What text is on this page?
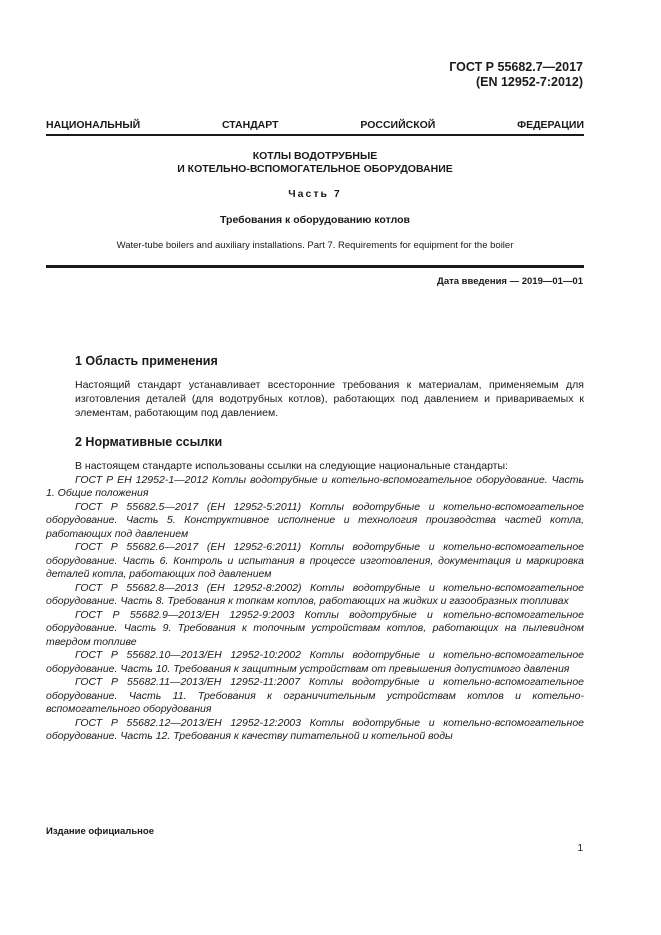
ГОСТ Р 55682.7—2017
(EN 12952-7:2012)
НАЦИОНАЛЬНЫЙ	СТАНДАРТ	РОССИЙСКОЙ	ФЕДЕРАЦИИ
КОТЛЫ ВОДОТРУБНЫЕ
И КОТЕЛЬНО-ВСПОМОГАТЕЛЬНОЕ ОБОРУДОВАНИЕ
Часть 7
Требования к оборудованию котлов
Water-tube boilers and auxiliary installations. Part 7. Requirements for equipment for the boiler
Дата введения — 2019—01—01
1 Область применения
Настоящий стандарт устанавливает всесторонние требования к материалам, применяемым для изготовления деталей (для водотрубных котлов), работающих под давлением и привариваемых к элементам, работающим под давлением.
2 Нормативные ссылки
В настоящем стандарте использованы ссылки на следующие национальные стандарты:
ГОСТ Р ЕН 12952-1—2012 Котлы водотрубные и котельно-вспомогательное оборудование. Часть 1. Общие положения
ГОСТ Р 55682.5—2017 (ЕН 12952-5:2011) Котлы водотрубные и котельно-вспомогательное оборудование. Часть 5. Конструктивное исполнение и технология производства частей котла, работающих под давлением
ГОСТ Р 55682.6—2017 (ЕН 12952-6:2011) Котлы водотрубные и котельно-вспомогательное оборудование. Часть 6. Контроль и испытания в процессе изготовления, документация и маркировка деталей котла, работающих под давлением
ГОСТ Р 55682.8—2013 (ЕН 12952-8:2002) Котлы водотрубные и котельно-вспомогательное оборудование. Часть 8. Требования к топкам котлов, работающих на жидких и газообразных топливах
ГОСТ Р 55682.9—2013/ЕН 12952-9:2003 Котлы водотрубные и котельно-вспомогательное оборудование. Часть 9. Требования к топочным устройствам котлов, работающих на пылевидном твердом топливе
ГОСТ Р 55682.10—2013/ЕН 12952-10:2002 Котлы водотрубные и котельно-вспомогательное оборудование. Часть 10. Требования к защитным устройствам от превышения допустимого давления
ГОСТ Р 55682.11—2013/ЕН 12952-11:2007 Котлы водотрубные и котельно-вспомогательное оборудование. Часть 11. Требования к ограничительным устройствам котлов и котельно-вспомогательного оборудования
ГОСТ Р 55682.12—2013/ЕН 12952-12:2003 Котлы водотрубные и котельно-вспомогательное оборудование. Часть 12. Требования к качеству питательной и котельной воды
Издание официальное
1
